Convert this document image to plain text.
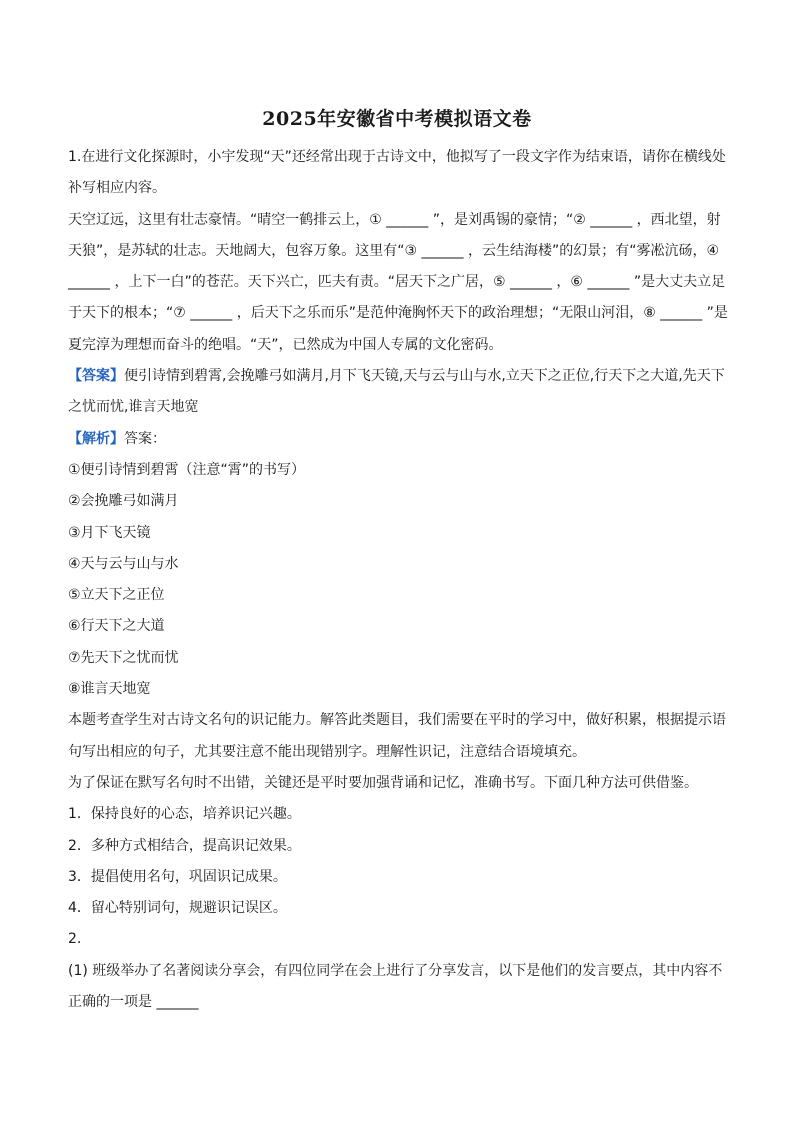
2025年安徽省中考模拟语文卷

1.在进行文化探源时，小宇发现“天”还经常出现于古诗文中，他拟写了一段文字作为结束语，请你在横线处补写相应内容。

天空辽远，这里有壮志豪情。“晴空一鹤排云上，① ______ ”，是刘禹锡的豪情；“② ______ ，西北望，射天狼”，是苏轼的壮志。天地阔大，包容万象。这里有“③ ______ ，云生结海楼”的幻景；有“雾凇沆砀，④ ______ ，上下一白”的苍茫。天下兴亡，匹夫有责。“居天下之广居，⑤ ______ ，⑥ ______ ”是大丈夫立足于天下的根本；“⑦ ______ ，后天下之乐而乐”是范仲淹胸怀天下的政治理想；“无限山河泪，⑧ ______ ”是夏完淳为理想而奋斗的绝唱。“天”，已然成为中国人专属的文化密码。

【答案】便引诗情到碧霄,会挽雕弓如满月,月下飞天镜,天与云与山与水,立天下之正位,行天下之大道,先天下之忧而忧,谁言天地宽

【解析】答案：

①便引诗情到碧霄（注意“霄”的书写）

②会挽雕弓如满月

③月下飞天镜

④天与云与山与水

⑤立天下之正位

⑥行天下之大道

⑦先天下之忧而忧

⑧谁言天地宽

本题考查学生对古诗文名句的识记能力。解答此类题目，我们需要在平时的学习中，做好积累，根据提示语句写出相应的句子，尤其要注意不能出现错别字。理解性识记，注意结合语境填充。

为了保证在默写名句时不出错，关键还是平时要加强背诵和记忆，准确书写。下面几种方法可供借鉴。

1．保持良好的心态，培养识记兴趣。

2．多种方式相结合，提高识记效果。

3．提倡使用名句，巩固识记成果。

4．留心特别词句，规避识记误区。

2.

(1) 班级举办了名著阅读分享会，有四位同学在会上进行了分享发言，以下是他们的发言要点，其中内容不正确的一项是 ______
